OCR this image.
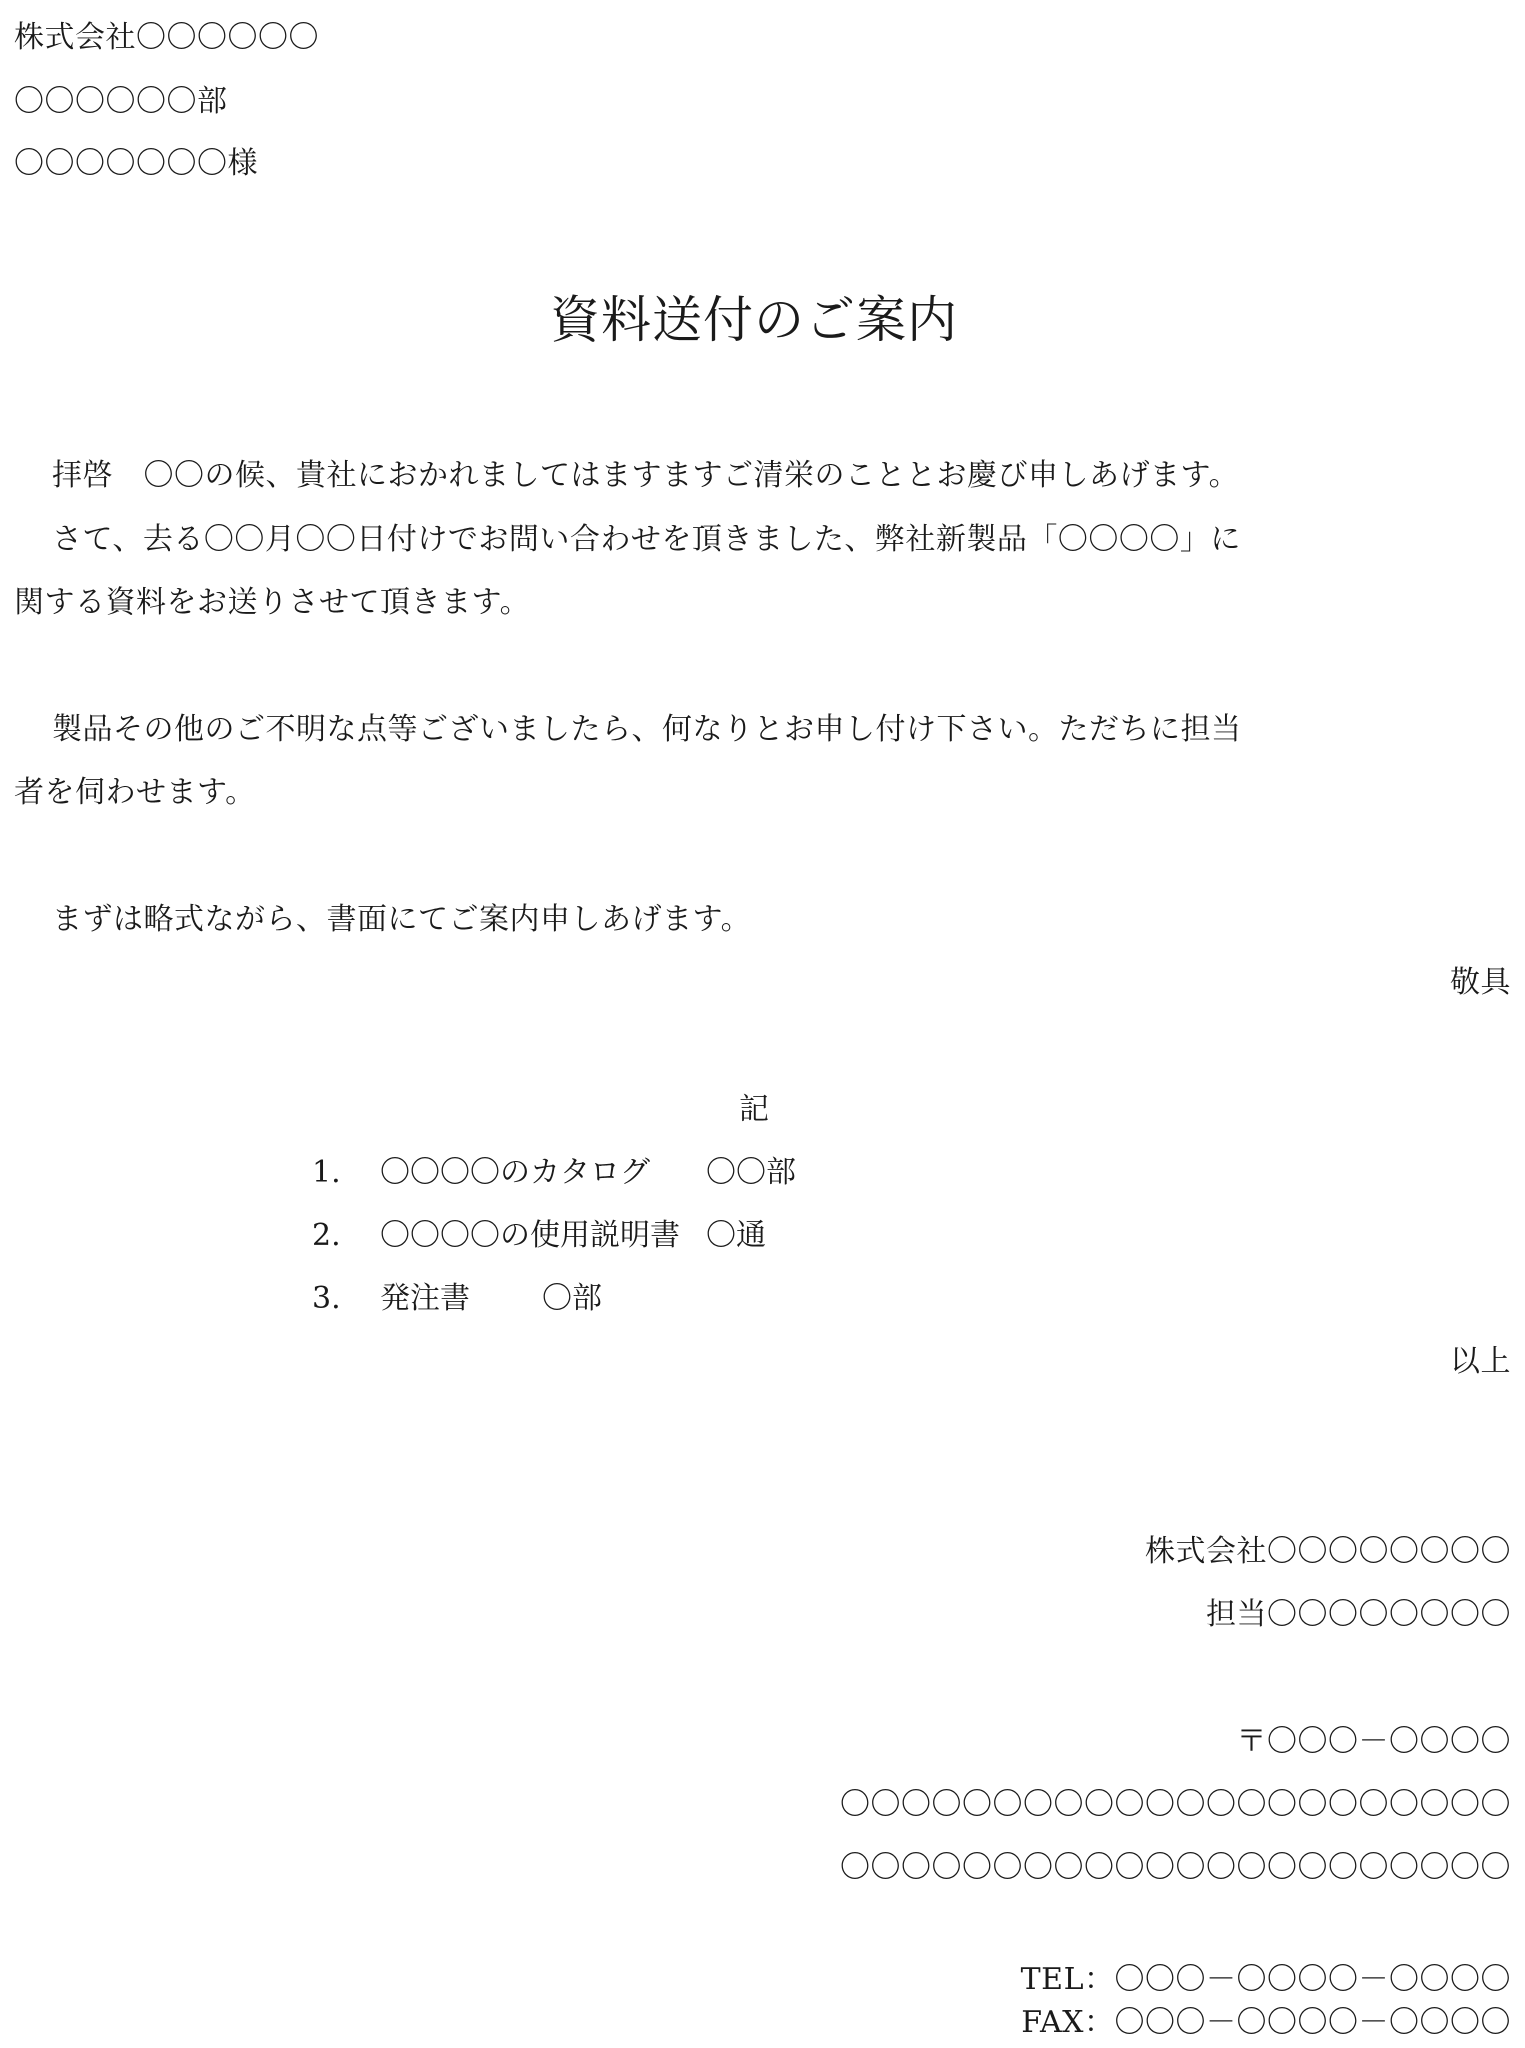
株式会社〇〇〇〇〇〇
〇〇〇〇〇〇部
〇〇〇〇〇〇〇様
資料送付のご案内
拝啓　〇〇の候、貴社におかれましてはますますご清栄のこととお慶び申しあげます。
さて、去る〇〇月〇〇日付けでお問い合わせを頂きました、弊社新製品「〇〇〇〇」に
関する資料をお送りさせて頂きます。
製品その他のご不明な点等ございましたら、何なりとお申し付け下さい。ただちに担当
者を伺わせます。
まずは略式ながら、書面にてご案内申しあげます。
敬具
記
1. 〇〇〇〇のカタログ 〇〇部
2. 〇〇〇〇の使用説明書 〇通
3. 発注書 〇部
以上
株式会社〇〇〇〇〇〇〇〇
担当〇〇〇〇〇〇〇〇
〒〇〇〇－〇〇〇〇
〇〇〇〇〇〇〇〇〇〇〇〇〇〇〇〇〇〇〇〇〇〇
〇〇〇〇〇〇〇〇〇〇〇〇〇〇〇〇〇〇〇〇〇〇
TEL：〇〇〇－〇〇〇〇－〇〇〇〇
FAX：〇〇〇－〇〇〇〇－〇〇〇〇
